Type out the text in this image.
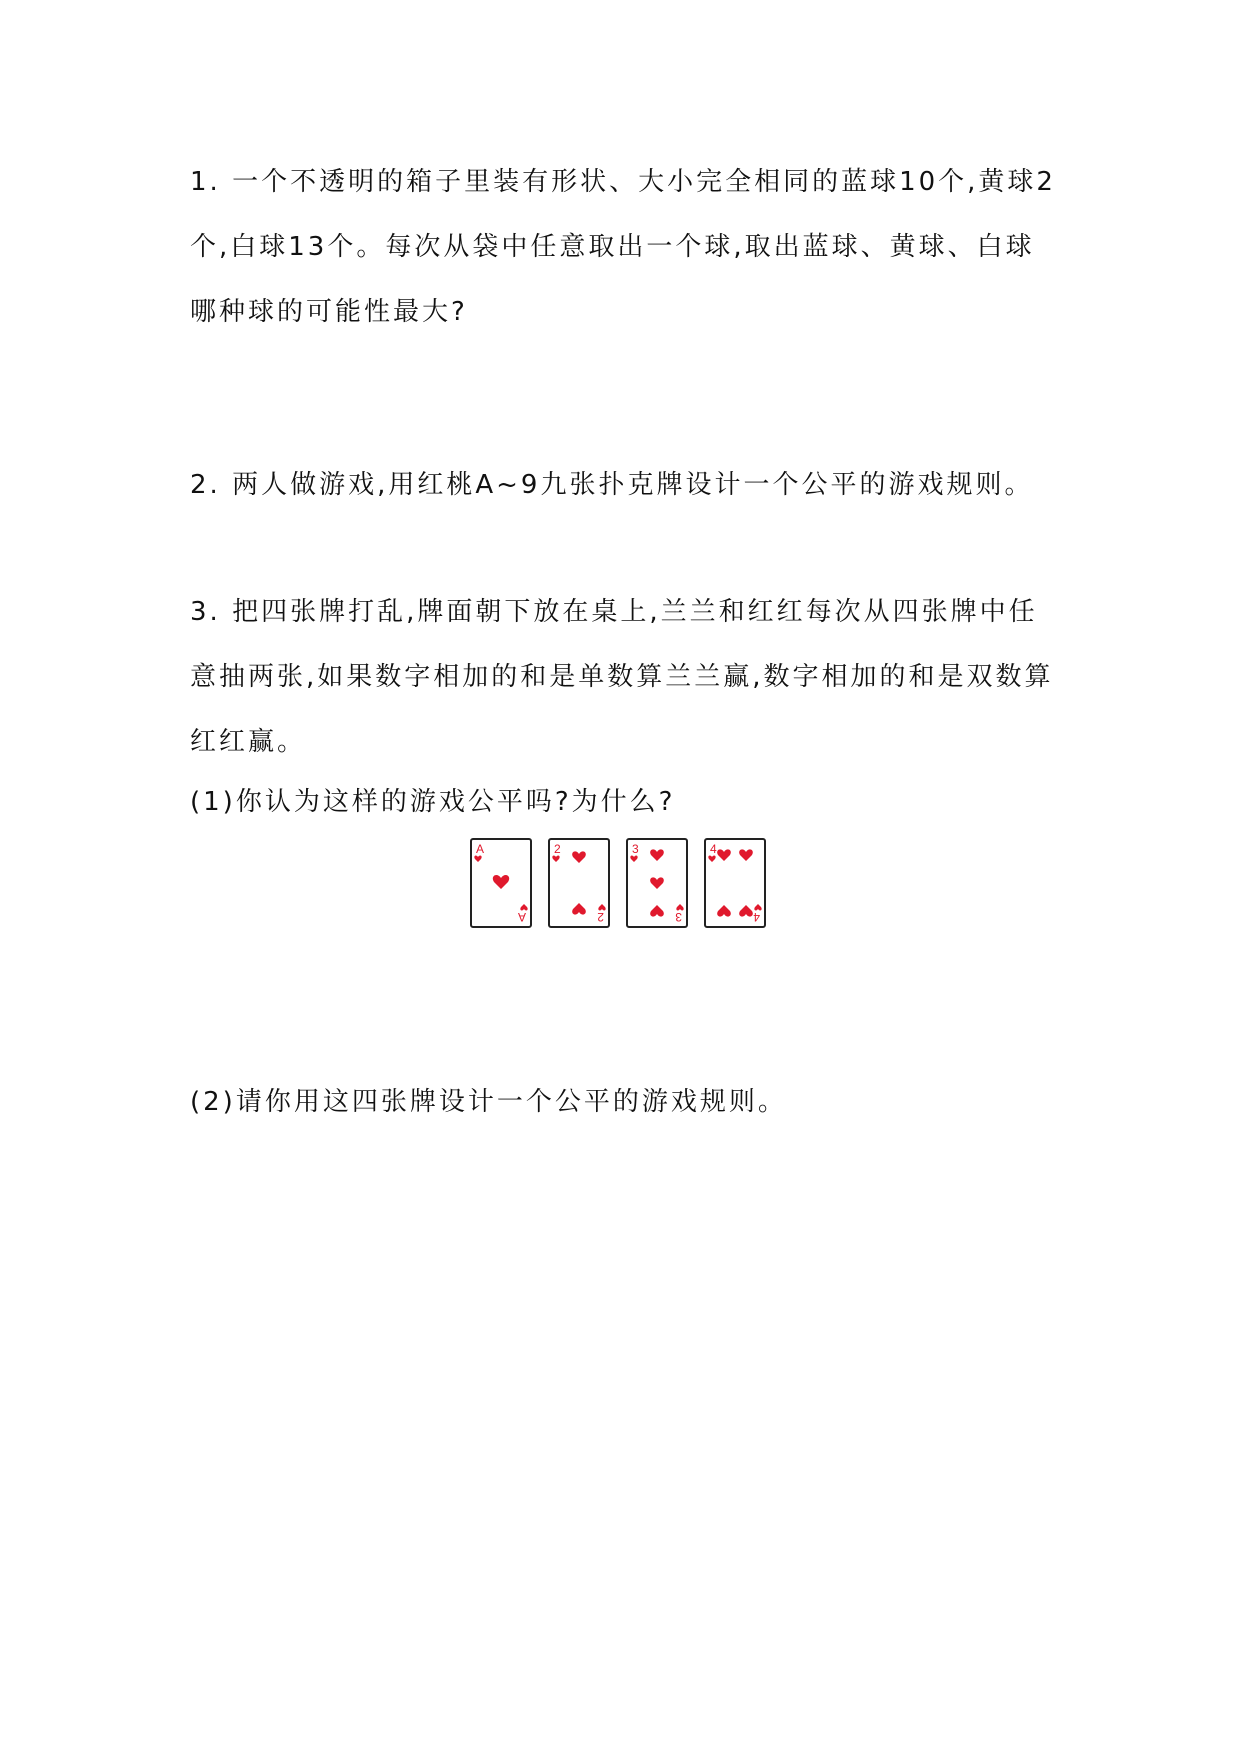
1. 一个不透明的箱子里装有形状、大小完全相同的蓝球10个,黄球2个,白球13个。每次从袋中任意取出一个球,取出蓝球、黄球、白球哪种球的可能性最大?

2. 两人做游戏,用红桃A~9九张扑克牌设计一个公平的游戏规则。

3. 把四张牌打乱,牌面朝下放在桌上,兰兰和红红每次从四张牌中任意抽两张,如果数字相加的和是单数算兰兰赢,数字相加的和是双数算红红赢。

(1)你认为这样的游戏公平吗?为什么?

A
A
2
2
3
3
4
4

(2)请你用这四张牌设计一个公平的游戏规则。
